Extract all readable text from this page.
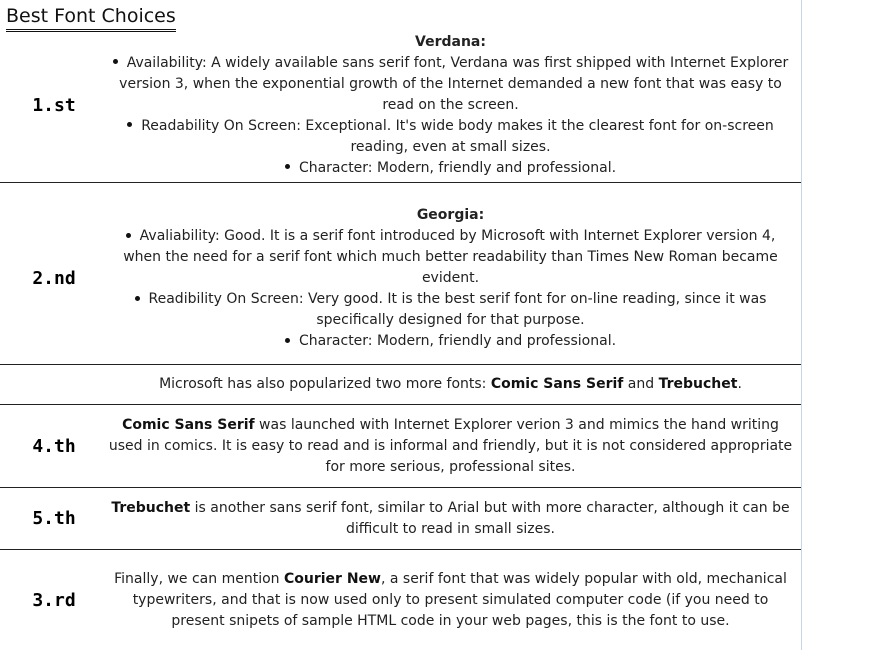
Best Font Choices
1.st
Verdana:
Availability: A widely available sans serif font, Verdana was first shipped with Internet Explorer version 3, when the exponential growth of the Internet demanded a new font that was easy to read on the screen.
Readability On Screen: Exceptional. It's wide body makes it the clearest font for on-screen reading, even at small sizes.
Character: Modern, friendly and professional.
2.nd
Georgia:
Avaliability: Good. It is a serif font introduced by Microsoft with Internet Explorer version 4, when the need for a serif font which much better readability than Times New Roman became evident.
Readibility On Screen: Very good. It is the best serif font for on-line reading, since it was specifically designed for that purpose.
Character: Modern, friendly and professional.
Microsoft has also popularized two more fonts: Comic Sans Serif and Trebuchet.
4.th
Comic Sans Serif was launched with Internet Explorer verion 3 and mimics the hand writing used in comics. It is easy to read and is informal and friendly, but it is not considered appropriate for more serious, professional sites.
5.th
Trebuchet is another sans serif font, similar to Arial but with more character, although it can be difficult to read in small sizes.
3.rd
Finally, we can mention Courier New, a serif font that was widely popular with old, mechanical typewriters, and that is now used only to present simulated computer code (if you need to present snipets of sample HTML code in your web pages, this is the font to use.
